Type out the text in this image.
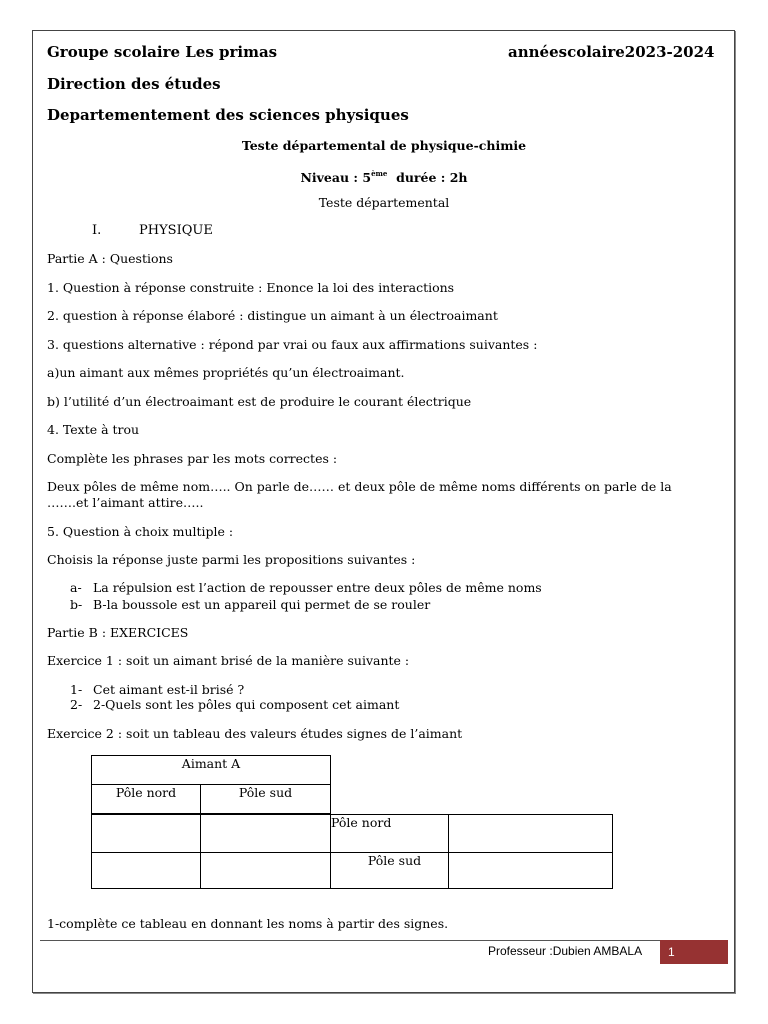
Groupe scolaire Les primas	annéescolaire2023-2024
Direction des études
Departementement des sciences physiques
Teste départemental de physique-chimie
Niveau : 5ème  durée : 2h
Teste départemental
I.	PHYSIQUE
Partie A : Questions
1. Question à réponse construite : Enonce la loi des interactions
2. question à réponse élaboré : distingue un aimant à un électroaimant
3. questions alternative : répond par vrai ou faux aux affirmations suivantes :
a)un aimant aux mêmes propriétés qu’un électroaimant.
b) l’utilité d’un électroaimant est de produire le courant électrique
4. Texte à trou
Complète les phrases par les mots correctes :
Deux pôles de même nom….. On parle de…… et deux pôle de même noms différents on parle de la …….et l’aimant attire…..
5. Question à choix multiple :
Choisis la réponse juste parmi les propositions suivantes :
a- La répulsion est l’action de repousser entre deux pôles de même noms
b- B-la boussole est un appareil qui permet de se rouler
Partie B : EXERCICES
Exercice 1 : soit un aimant brisé de la manière suivante :
1- Cet aimant est-il brisé ?
2- 2-Quels sont les pôles qui composent cet aimant
Exercice 2 : soit un tableau des valeurs études signes de l’aimant
Aimant A
Pôle nord	Pôle sud
		Pôle nord	
		Pôle sud	
1-complète ce tableau en donnant les noms à partir des signes.
Professeur :Dubien AMBALA	1
